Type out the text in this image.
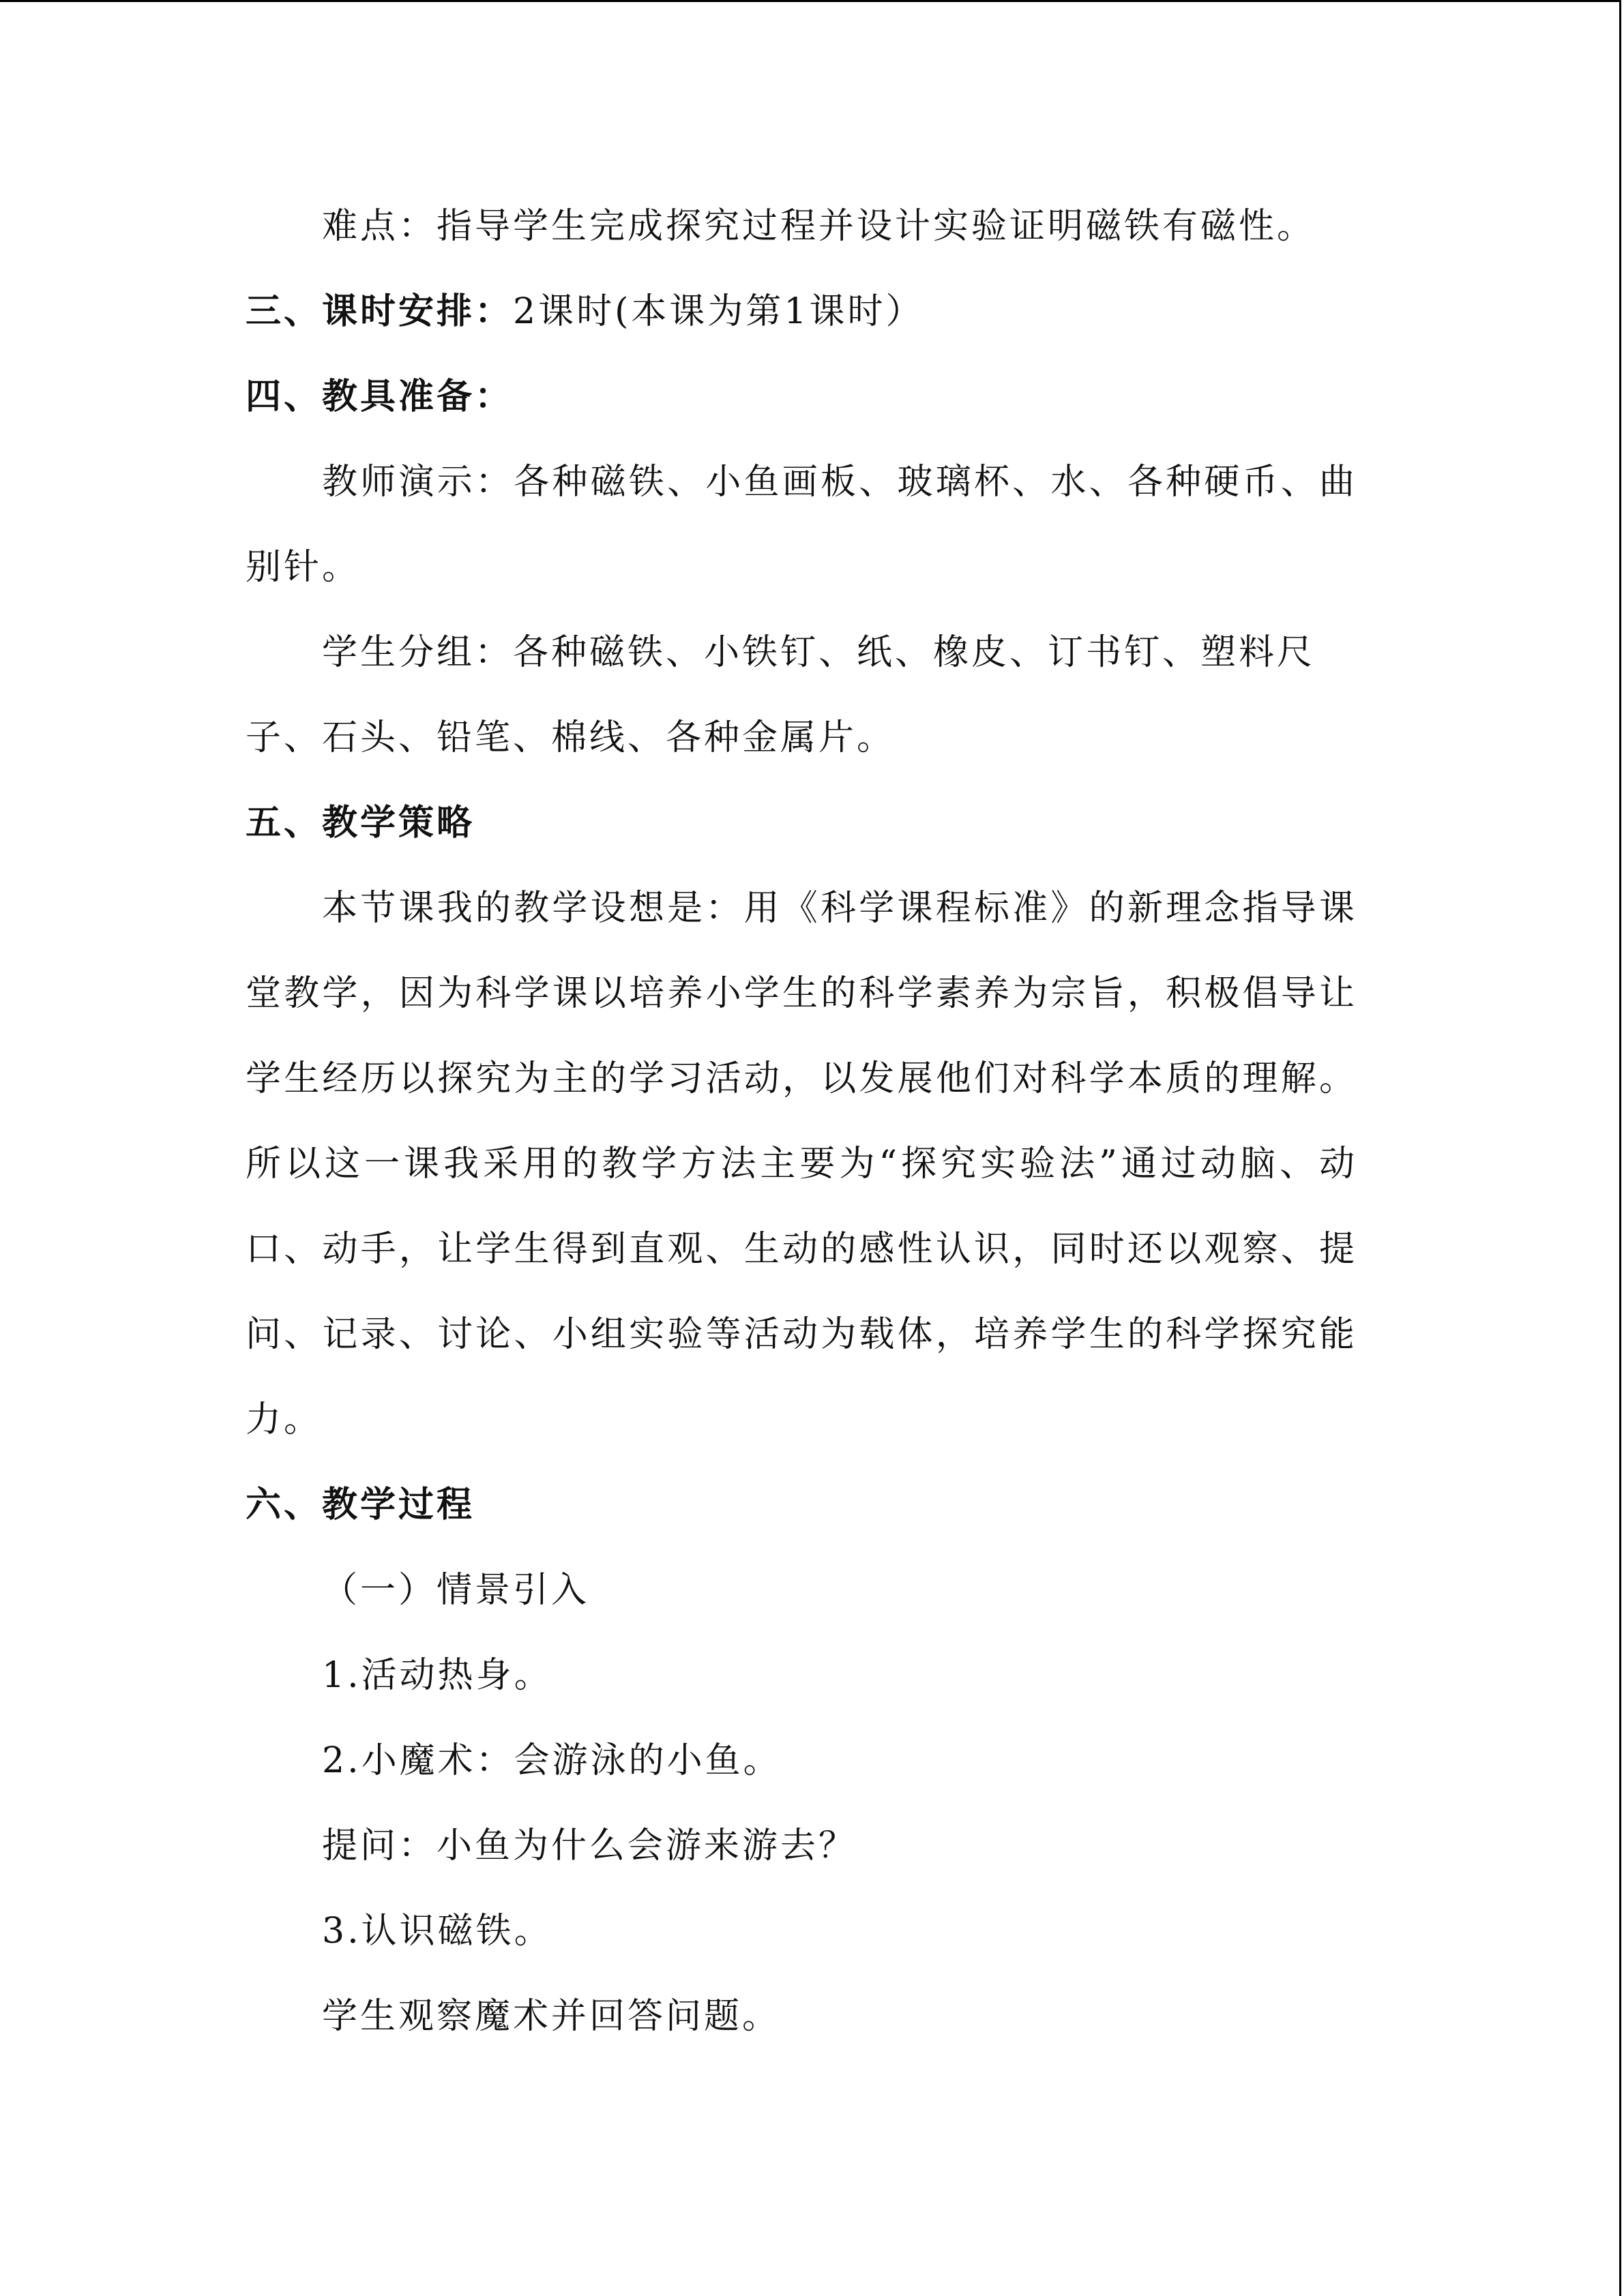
难点：指导学生完成探究过程并设计实验证明磁铁有磁性。
三、课时安排：2课时(本课为第1课时）
四、教具准备：
教师演示：各种磁铁、小鱼画板、玻璃杯、水、各种硬币、曲
别针。
学生分组：各种磁铁、小铁钉、纸、橡皮、订书钉、塑料尺
子、石头、铅笔、棉线、各种金属片。
五、教学策略
本节课我的教学设想是：用《科学课程标准》的新理念指导课
堂教学，因为科学课以培养小学生的科学素养为宗旨，积极倡导让
学生经历以探究为主的学习活动，以发展他们对科学本质的理解。
所以这一课我采用的教学方法主要为“探究实验法”通过动脑、动
口、动手，让学生得到直观、生动的感性认识，同时还以观察、提
问、记录、讨论、小组实验等活动为载体，培养学生的科学探究能
力。
六、教学过程
（一）情景引入
1.活动热身。
2.小魔术：会游泳的小鱼。
提问：小鱼为什么会游来游去？
3.认识磁铁。
学生观察魔术并回答问题。
